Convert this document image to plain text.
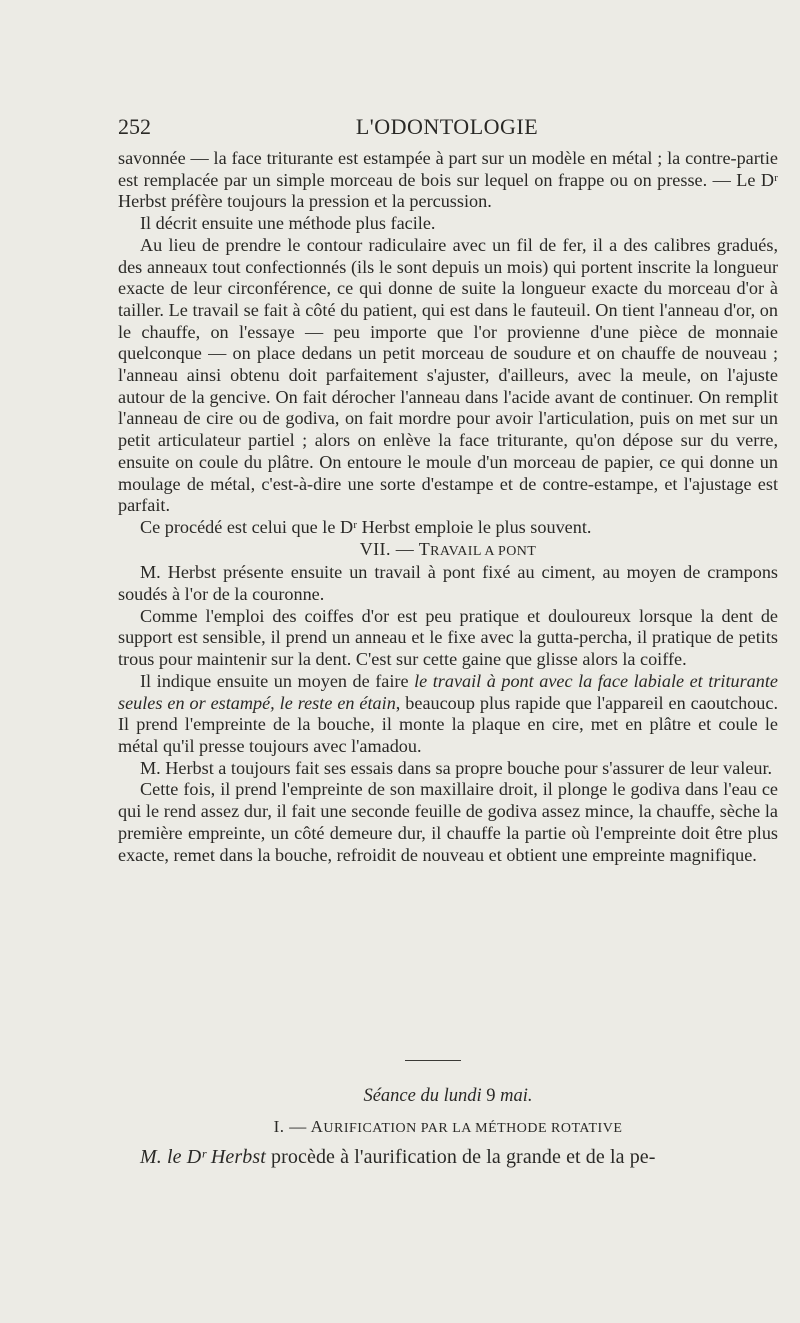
252	L'ODONTOLOGIE

savonnée — la face triturante est estampée à part sur un modèle en métal ; la contre-partie est remplacée par un simple morceau de bois sur lequel on frappe ou on presse. — Le Dʳ Herbst préfère toujours la pression et la percussion.

Il décrit ensuite une méthode plus facile.

Au lieu de prendre le contour radiculaire avec un fil de fer, il a des calibres gradués, des anneaux tout confectionnés (ils le sont depuis un mois) qui portent inscrite la longueur exacte de leur circonférence, ce qui donne de suite la longueur exacte du morceau d'or à tailler. Le travail se fait à côté du patient, qui est dans le fauteuil. On tient l'anneau d'or, on le chauffe, on l'essaye — peu importe que l'or provienne d'une pièce de monnaie quelconque — on place dedans un petit morceau de soudure et on chauffe de nouveau ; l'anneau ainsi obtenu doit parfaitement s'ajuster, d'ailleurs, avec la meule, on l'ajuste autour de la gencive. On fait dérocher l'anneau dans l'acide avant de continuer. On remplit l'anneau de cire ou de godiva, on fait mordre pour avoir l'articulation, puis on met sur un petit articulateur partiel ; alors on enlève la face triturante, qu'on dépose sur du verre, ensuite on coule du plâtre. On entoure le moule d'un morceau de papier, ce qui donne un moulage de métal, c'est-à-dire une sorte d'estampe et de contre-estampe, et l'ajustage est parfait.

Ce procédé est celui que le Dʳ Herbst emploie le plus souvent.

VII. — TRAVAIL A PONT

M. Herbst présente ensuite un travail à pont fixé au ciment, au moyen de crampons soudés à l'or de la couronne.

Comme l'emploi des coiffes d'or est peu pratique et douloureux lorsque la dent de support est sensible, il prend un anneau et le fixe avec la gutta-percha, il pratique de petits trous pour maintenir sur la dent. C'est sur cette gaine que glisse alors la coiffe.

Il indique ensuite un moyen de faire le travail à pont avec la face labiale et triturante seules en or estampé, le reste en étain, beaucoup plus rapide que l'appareil en caoutchouc. Il prend l'empreinte de la bouche, il monte la plaque en cire, met en plâtre et coule le métal qu'il presse toujours avec l'amadou.

M. Herbst a toujours fait ses essais dans sa propre bouche pour s'assurer de leur valeur.

Cette fois, il prend l'empreinte de son maxillaire droit, il plonge le godiva dans l'eau ce qui le rend assez dur, il fait une seconde feuille de godiva assez mince, la chauffe, sèche la première empreinte, un côté demeure dur, il chauffe la partie où l'empreinte doit être plus exacte, remet dans la bouche, refroidit de nouveau et obtient une empreinte magnifique.

Séance du lundi 9 mai.

I. — AURIFICATION PAR LA MÉTHODE ROTATIVE

M. le Dʳ Herbst procède à l'aurification de la grande et de la pe-
